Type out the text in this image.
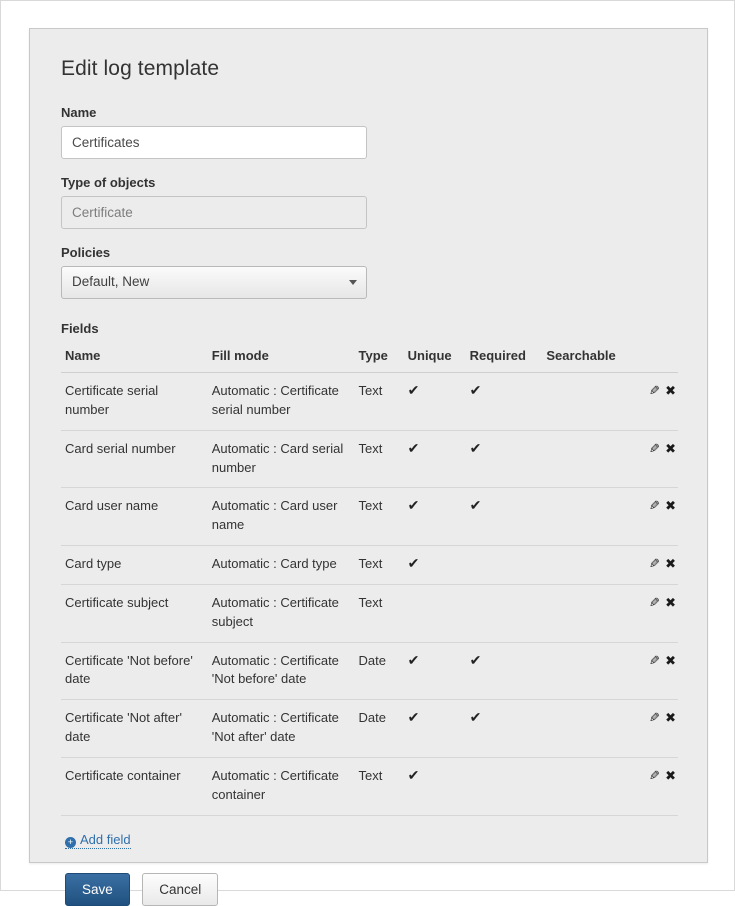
Edit log template
Name
Certificates
Type of objects
Certificate
Policies
Default, New
Fields
Name	Fill mode	Type	Unique	Required	Searchable	
Certificate serial number	Automatic : Certificate serial number	Text	✔	✔		✎ ✖
Card serial number	Automatic : Card serial number	Text	✔	✔		✎ ✖
Card user name	Automatic : Card user name	Text	✔	✔		✎ ✖
Card type	Automatic : Card type	Text	✔			✎ ✖
Certificate subject	Automatic : Certificate subject	Text				✎ ✖
Certificate 'Not before' date	Automatic : Certificate 'Not before' date	Date	✔	✔		✎ ✖
Certificate 'Not after' date	Automatic : Certificate 'Not after' date	Date	✔	✔		✎ ✖
Certificate container	Automatic : Certificate container	Text	✔			✎ ✖
+ Add field
Save	Cancel
